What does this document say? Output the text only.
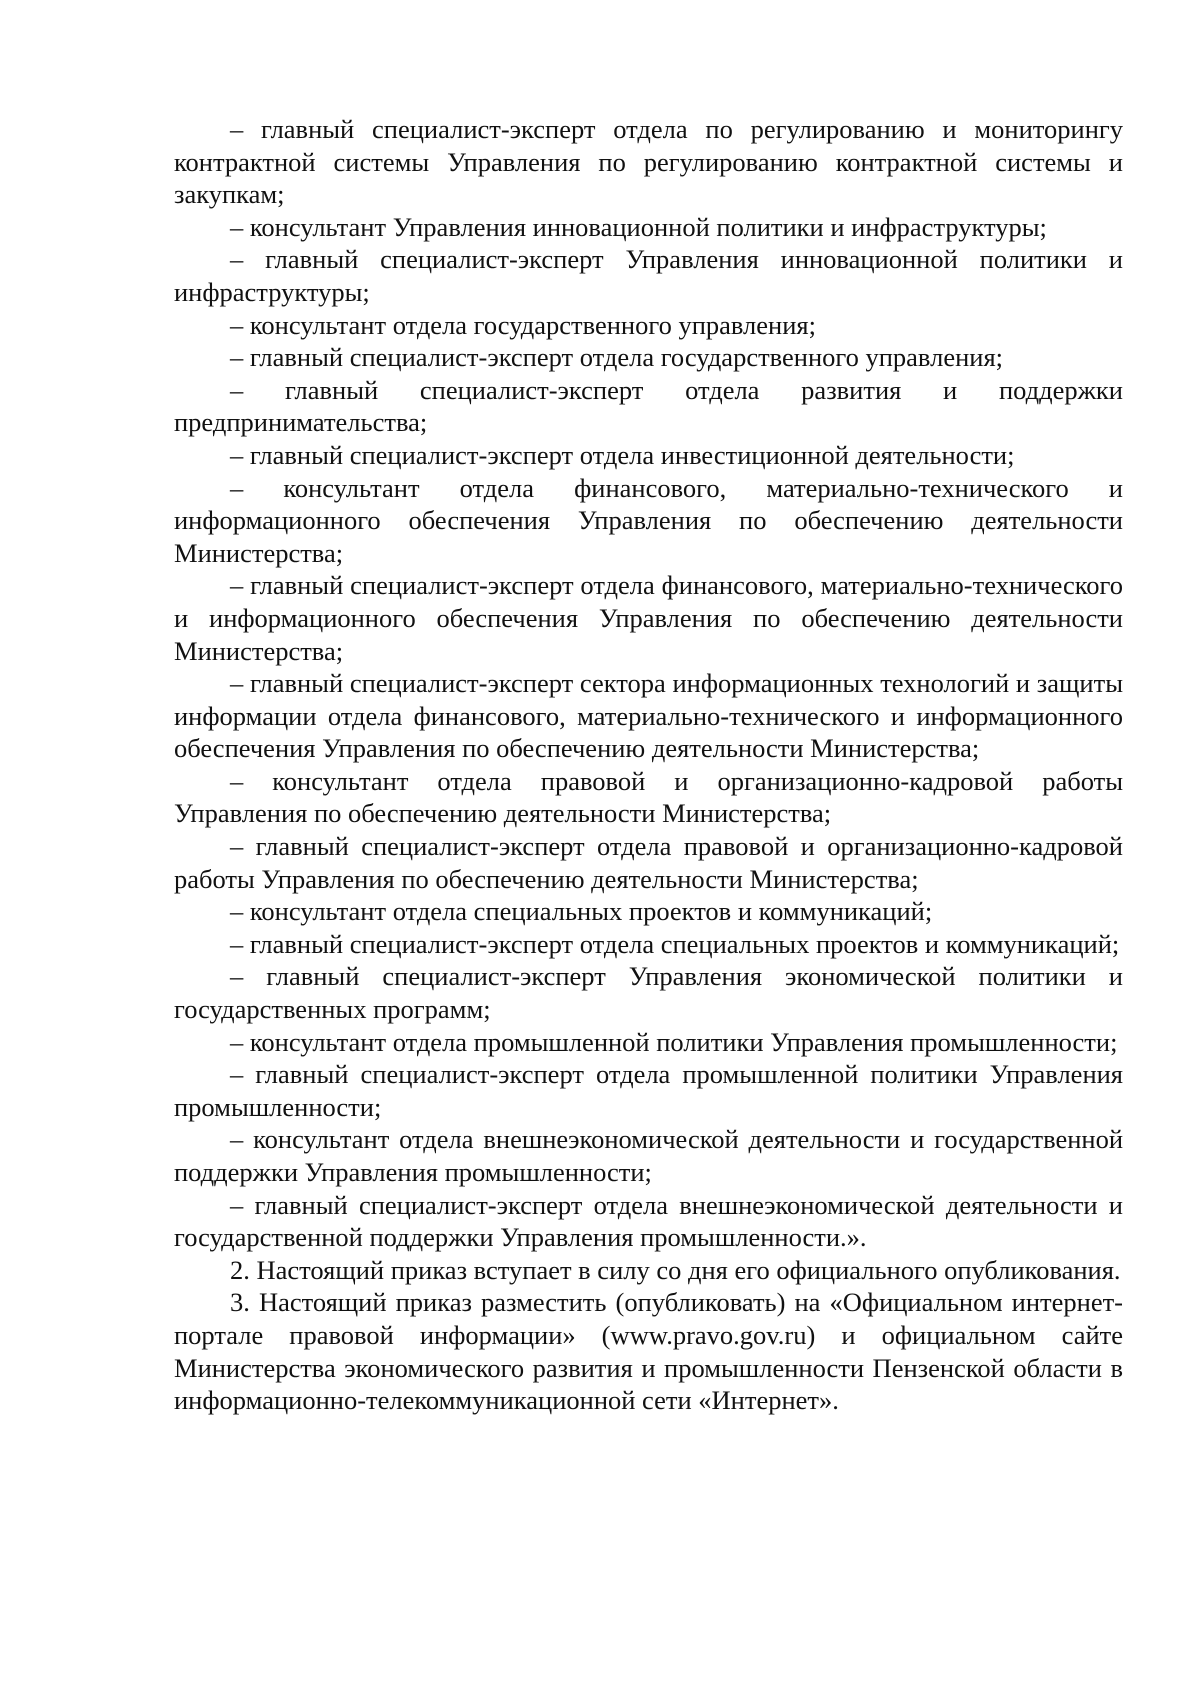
– главный специалист-эксперт отдела по регулированию и мониторингу контрактной системы Управления по регулированию контрактной системы и закупкам;

– консультант Управления инновационной политики и инфраструктуры;

– главный специалист-эксперт Управления инновационной политики и инфраструктуры;

– консультант отдела государственного управления;

– главный специалист-эксперт отдела государственного управления;

– главный специалист-эксперт отдела развития и поддержки предпринимательства;

– главный специалист-эксперт отдела инвестиционной деятельности;

– консультант отдела финансового, материально-технического и информационного обеспечения Управления по обеспечению деятельности Министерства;

– главный специалист-эксперт отдела финансового, материально-технического и информационного обеспечения Управления по обеспечению деятельности Министерства;

– главный специалист-эксперт сектора информационных технологий и защиты информации отдела финансового, материально-технического и информационного обеспечения Управления по обеспечению деятельности Министерства;

– консультант отдела правовой и организационно-кадровой работы Управления по обеспечению деятельности Министерства;

– главный специалист-эксперт отдела правовой и организационно-кадровой работы Управления по обеспечению деятельности Министерства;

– консультант отдела специальных проектов и коммуникаций;

– главный специалист-эксперт отдела специальных проектов и коммуникаций;

– главный специалист-эксперт Управления экономической политики и государственных программ;

– консультант отдела промышленной политики Управления промышленности;

– главный специалист-эксперт отдела промышленной политики Управления промышленности;

– консультант отдела внешнеэкономической деятельности и государственной поддержки Управления промышленности;

– главный специалист-эксперт отдела внешнеэкономической деятельности и государственной поддержки Управления промышленности.».

2. Настоящий приказ вступает в силу со дня его официального опубликования.

3. Настоящий приказ разместить (опубликовать) на «Официальном интернет-портале правовой информации» (www.pravo.gov.ru) и официальном сайте Министерства экономического развития и промышленности Пензенской области в информационно-телекоммуникационной сети «Интернет».
